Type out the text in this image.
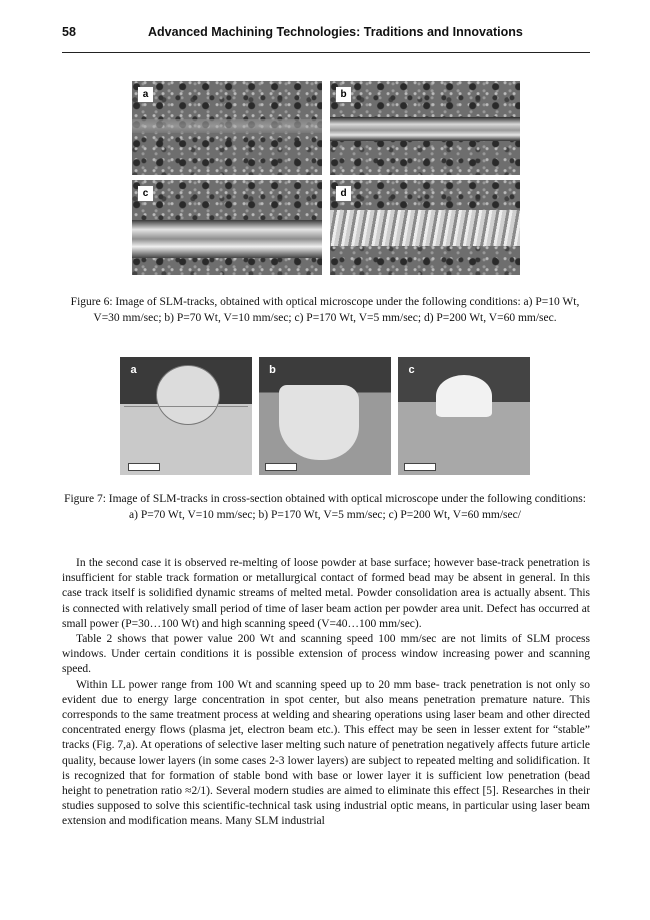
58	Advanced Machining Technologies: Traditions and Innovations
a	b
c	d
Figure 6: Image of SLM-tracks, obtained with optical microscope under the following conditions: a) P=10 Wt, V=30 mm/sec; b) P=70 Wt, V=10 mm/sec; c) P=170 Wt, V=5 mm/sec; d) P=200 Wt, V=60 mm/sec.
a	b	c
Figure 7: Image of SLM-tracks in cross-section obtained with optical microscope under the following conditions: a) P=70 Wt, V=10 mm/sec; b) P=170 Wt, V=5 mm/sec; c) P=200 Wt, V=60 mm/sec/

In the second case it is observed re-melting of loose powder at base surface; however base-track penetration is insufficient for stable track formation or metallurgical contact of formed bead may be absent in general. In this case track itself is solidified dynamic streams of melted metal. Powder consolidation area is actually absent. This is connected with relatively small period of time of laser beam action per powder area unit. Defect has occurred at small power (P=30…100 Wt) and high scanning speed (V=40…100 mm/sec).

Table 2 shows that power value 200 Wt and scanning speed 100 mm/sec are not limits of SLM process windows. Under certain conditions it is possible extension of process window increasing power and scanning speed.

Within LL power range from 100 Wt and scanning speed up to 20 mm base- track penetration is not only so evident due to energy large concentration in spot center, but also means penetration premature nature. This corresponds to the same treatment process at welding and shearing operations using laser beam and other directed concentrated energy flows (plasma jet, electron beam etc.). This effect may be seen in lesser extent for “stable” tracks (Fig. 7,a). At operations of selective laser melting such nature of penetration negatively affects future article quality, because lower layers (in some cases 2-3 lower layers) are subject to repeated melting and solidification. It is recognized that for formation of stable bond with base or lower layer it is sufficient low penetration (bead height to penetration ratio ≈2/1). Several modern studies are aimed to eliminate this effect [5]. Researches in their studies supposed to solve this scientific-technical task using industrial optic means, in particular using laser beam extension and modification means. Many SLM industrial
